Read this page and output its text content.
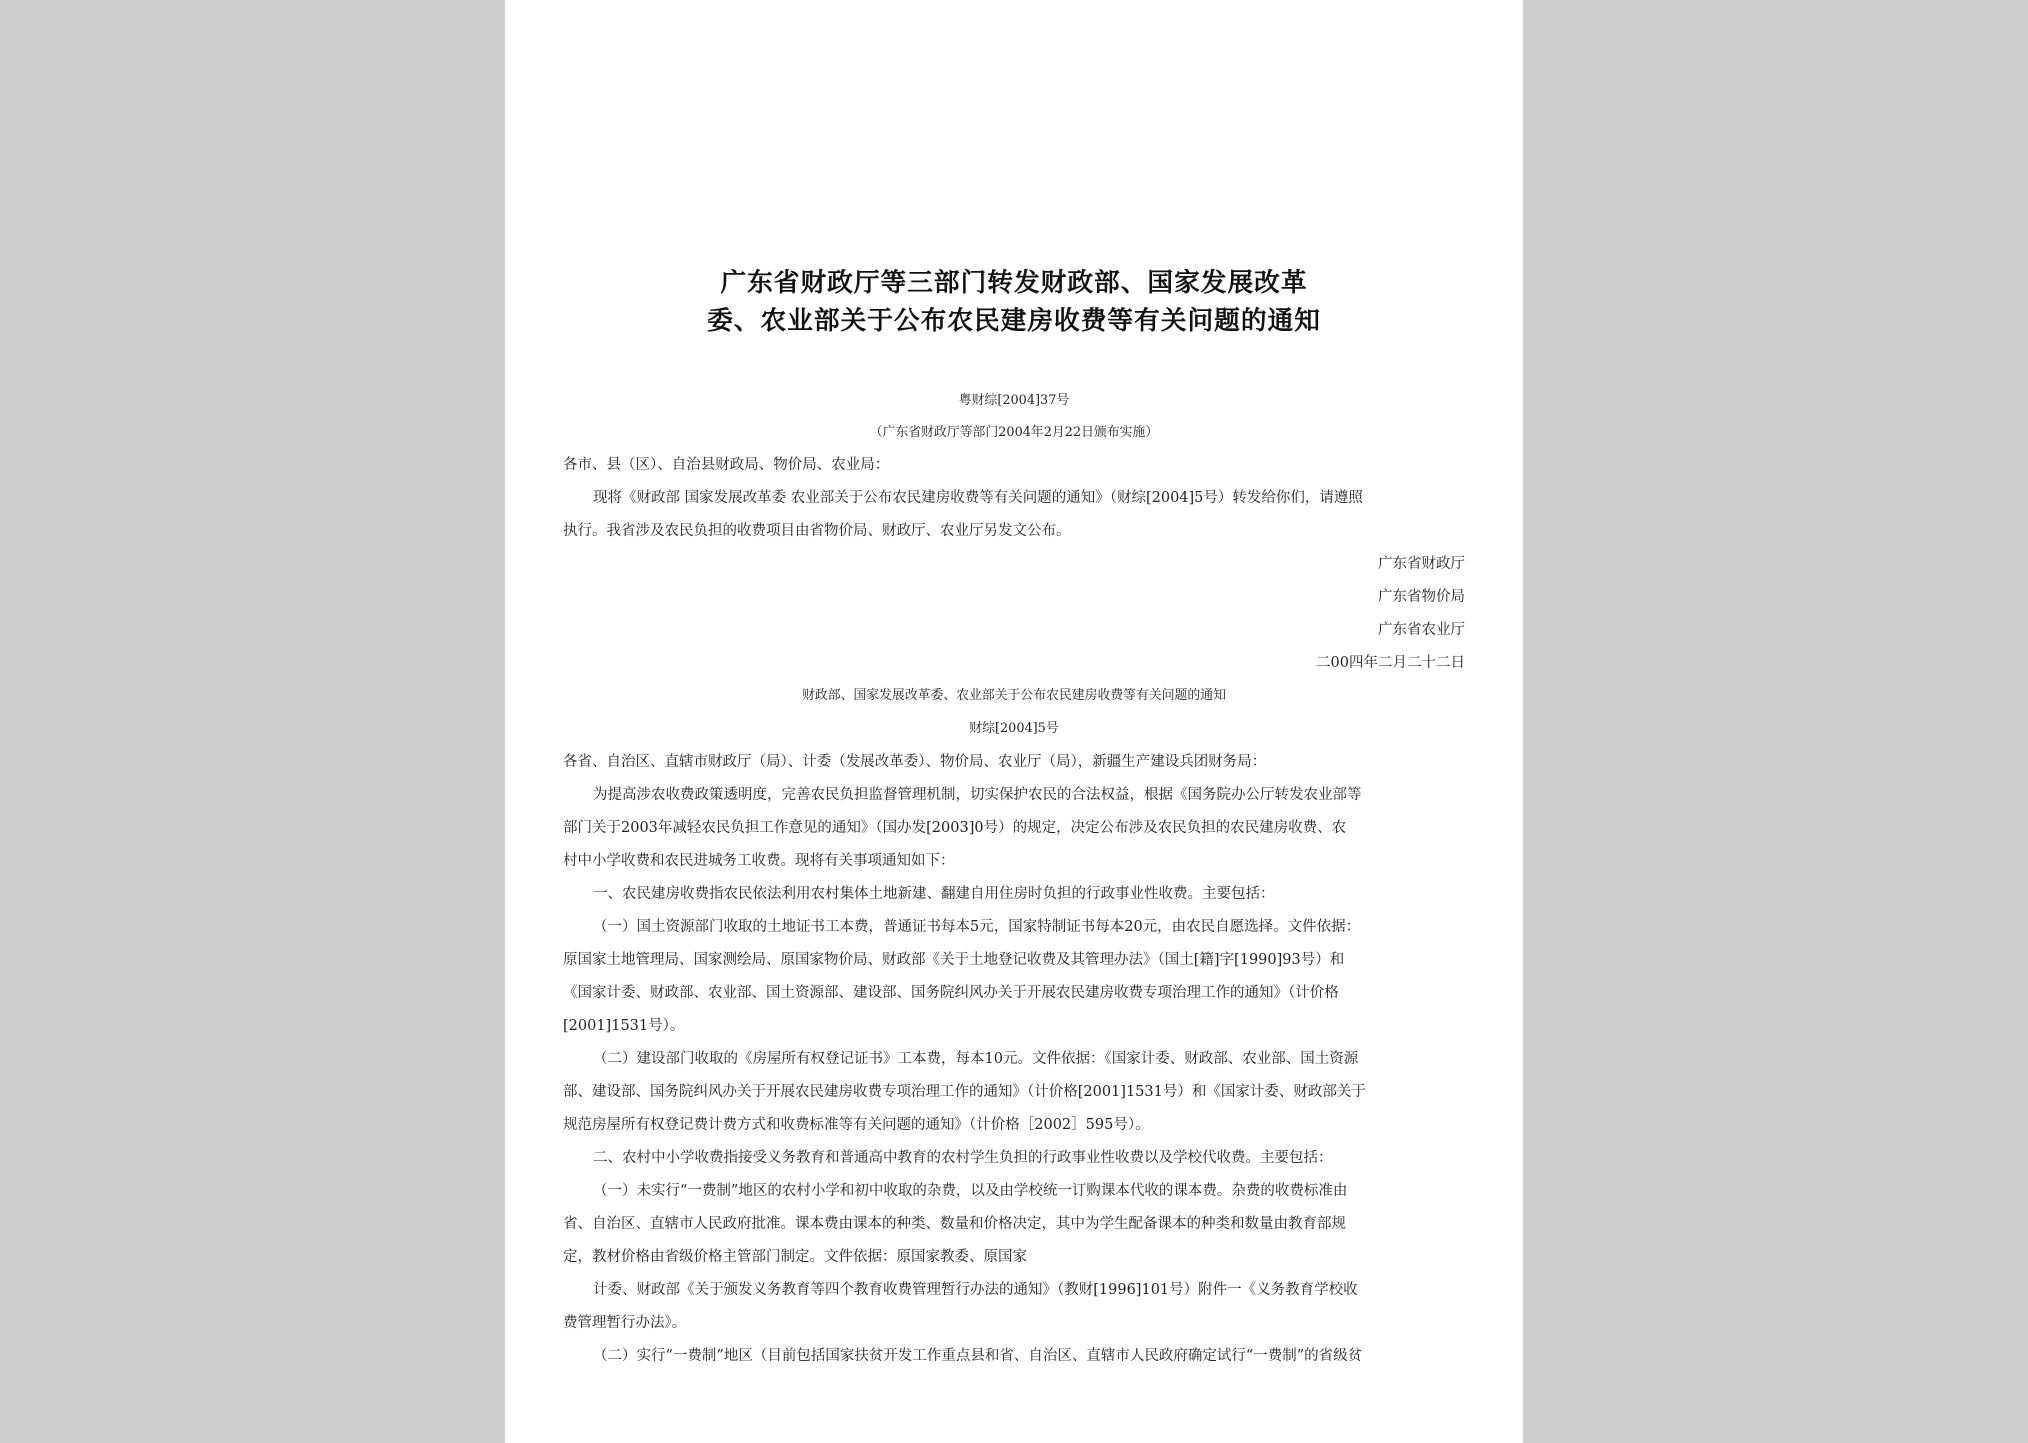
广东省财政厅等三部门转发财政部、国家发展改革
委、农业部关于公布农民建房收费等有关问题的通知
粤财综[2004]37号
（广东省财政厅等部门2004年2月22日颁布实施）
各市、县（区）、自治县财政局、物价局、农业局：
现将《财政部 国家发展改革委 农业部关于公布农民建房收费等有关问题的通知》（财综[2004]5号）转发给你们，请遵照
执行。我省涉及农民负担的收费项目由省物价局、财政厅、农业厅另发文公布。
广东省财政厅
广东省物价局
广东省农业厅
二00四年二月二十二日
财政部、国家发展改革委、农业部关于公布农民建房收费等有关问题的通知
财综[2004]5号
各省、自治区、直辖市财政厅（局）、计委（发展改革委）、物价局、农业厅（局），新疆生产建设兵团财务局：
为提高涉农收费政策透明度，完善农民负担监督管理机制，切实保护农民的合法权益，根据《国务院办公厅转发农业部等
部门关于2003年减轻农民负担工作意见的通知》（国办发[2003]0号）的规定，决定公布涉及农民负担的农民建房收费、农
村中小学收费和农民进城务工收费。现将有关事项通知如下：
一、农民建房收费指农民依法利用农村集体土地新建、翻建自用住房时负担的行政事业性收费。主要包括：
（一）国土资源部门收取的土地证书工本费，普通证书每本5元，国家特制证书每本20元，由农民自愿选择。文件依据：
原国家土地管理局、国家测绘局、原国家物价局、财政部《关于土地登记收费及其管理办法》（国土[籍]字[1990]93号）和
《国家计委、财政部、农业部、国土资源部、建设部、国务院纠风办关于开展农民建房收费专项治理工作的通知》（计价格
[2001]1531号）。
（二）建设部门收取的《房屋所有权登记证书》工本费，每本10元。文件依据：《国家计委、财政部、农业部、国土资源
部、建设部、国务院纠风办关于开展农民建房收费专项治理工作的通知》（计价格[2001]1531号）和《国家计委、财政部关于
规范房屋所有权登记费计费方式和收费标准等有关问题的通知》（计价格［2002］595号）。
二、农村中小学收费指接受义务教育和普通高中教育的农村学生负担的行政事业性收费以及学校代收费。主要包括：
（一）未实行“一费制”地区的农村小学和初中收取的杂费，以及由学校统一订购课本代收的课本费。杂费的收费标准由
省、自治区、直辖市人民政府批准。课本费由课本的种类、数量和价格决定，其中为学生配备课本的种类和数量由教育部规
定，教材价格由省级价格主管部门制定。文件依据：原国家教委、原国家
计委、财政部《关于颁发义务教育等四个教育收费管理暂行办法的通知》（教财[1996]101号）附件一《义务教育学校收
费管理暂行办法》。
（二）实行“一费制”地区（目前包括国家扶贫开发工作重点县和省、自治区、直辖市人民政府确定试行“一费制”的省级贫
